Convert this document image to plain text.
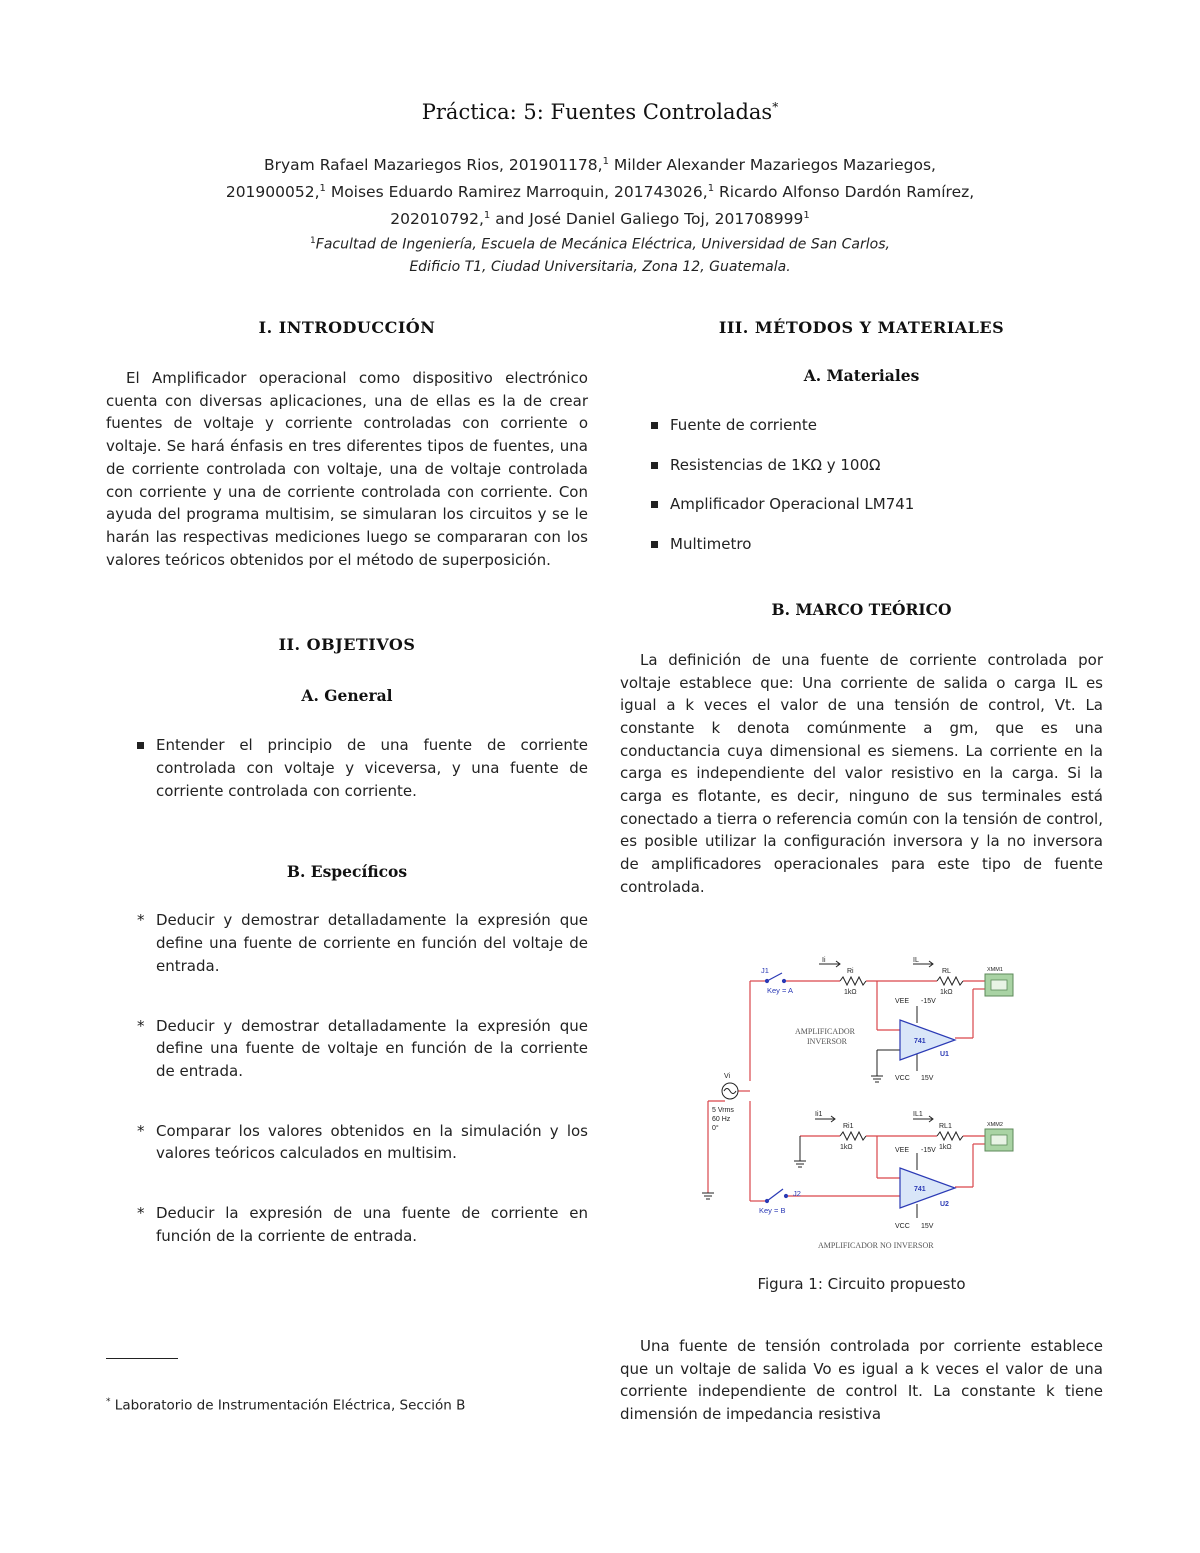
Práctica: 5: Fuentes Controladas*
Bryam Rafael Mazariegos Rios, 201901178,$^1$ Milder Alexander Mazariegos Mazariegos, 201900052,$^1$ Moises Eduardo Ramirez Marroquin, 201743026,$^1$ Ricardo Alfonso Dardón Ramírez, 202010792,$^1$ and José Daniel Galiego Toj, 201708999$^1$
$^1$Facultad de Ingeniería, Escuela de Mecánica Eléctrica, Universidad de San Carlos,
Edificio T1, Ciudad Universitaria, Zona 12, Guatemala.
I. INTRODUCCIÓN

El Amplificador operacional como dispositivo electrónico cuenta con diversas aplicaciones, una de ellas es la de crear fuentes de voltaje y corriente controladas con corriente o voltaje. Se hará énfasis en tres diferentes tipos de fuentes, una de corriente controlada con voltaje, una de voltaje controlada con corriente y una de corriente controlada con corriente. Con ayuda del programa multisim, se simularan los circuitos y se le harán las respectivas mediciones luego se compararan con los valores teóricos obtenidos por el método de superposición.

II. OBJETIVOS
A. General
Entender el principio de una fuente de corriente controlada con voltaje y viceversa, y una fuente de corriente controlada con corriente.
B. Específicos
* Deducir y demostrar detalladamente la expresión que define una fuente de corriente en función del voltaje de entrada.
* Deducir y demostrar detalladamente la expresión que define una fuente de voltaje en función de la corriente de entrada.
* Comparar los valores obtenidos en la simulación y los valores teóricos calculados en multisim.
* Deducir la expresión de una fuente de corriente en función de la corriente de entrada.
* Laboratorio de Instrumentación Eléctrica, Sección B
III. MÉTODOS Y MATERIALES
A. Materiales
Fuente de corriente
Resistencias de 1KΩ y 100Ω
Amplificador Operacional LM741
Multimetro
B. MARCO TEÓRICO

La definición de una fuente de corriente controlada por voltaje establece que: Una corriente de salida o carga IL es igual a k veces el valor de una tensión de control, Vt. La constante k denota comúnmente a gm, que es una conductancia cuya dimensional es siemens. La corriente en la carga es independiente del valor resistivo en la carga. Si la carga es flotante, es decir, ninguno de sus terminales está conectado a tierra o referencia común con la tensión de control, es posible utilizar la configuración inversora y la no inversora de amplificadores operacionales para este tipo de fuente controlada.

J1
Key = A
J2
Key = B
Ri
1kΩ
RL
1kΩ
Ri1
1kΩ
RL1
1kΩ
VEE -15V
VCC 15V
VEE -15V
VCC 15V
Vi
5 Vrms
60 Hz
0°
Ii	IL
Ii1	IL1
XMM1
XMM2
741
U1
741
U2
AMPLIFICADOR
INVERSOR
AMPLIFICADOR NO INVERSOR
Figura 1: Circuito propuesto

Una fuente de tensión controlada por corriente establece que un voltaje de salida Vo es igual a k veces el valor de una corriente independiente de control It. La constante k tiene dimensión de impedancia resistiva
